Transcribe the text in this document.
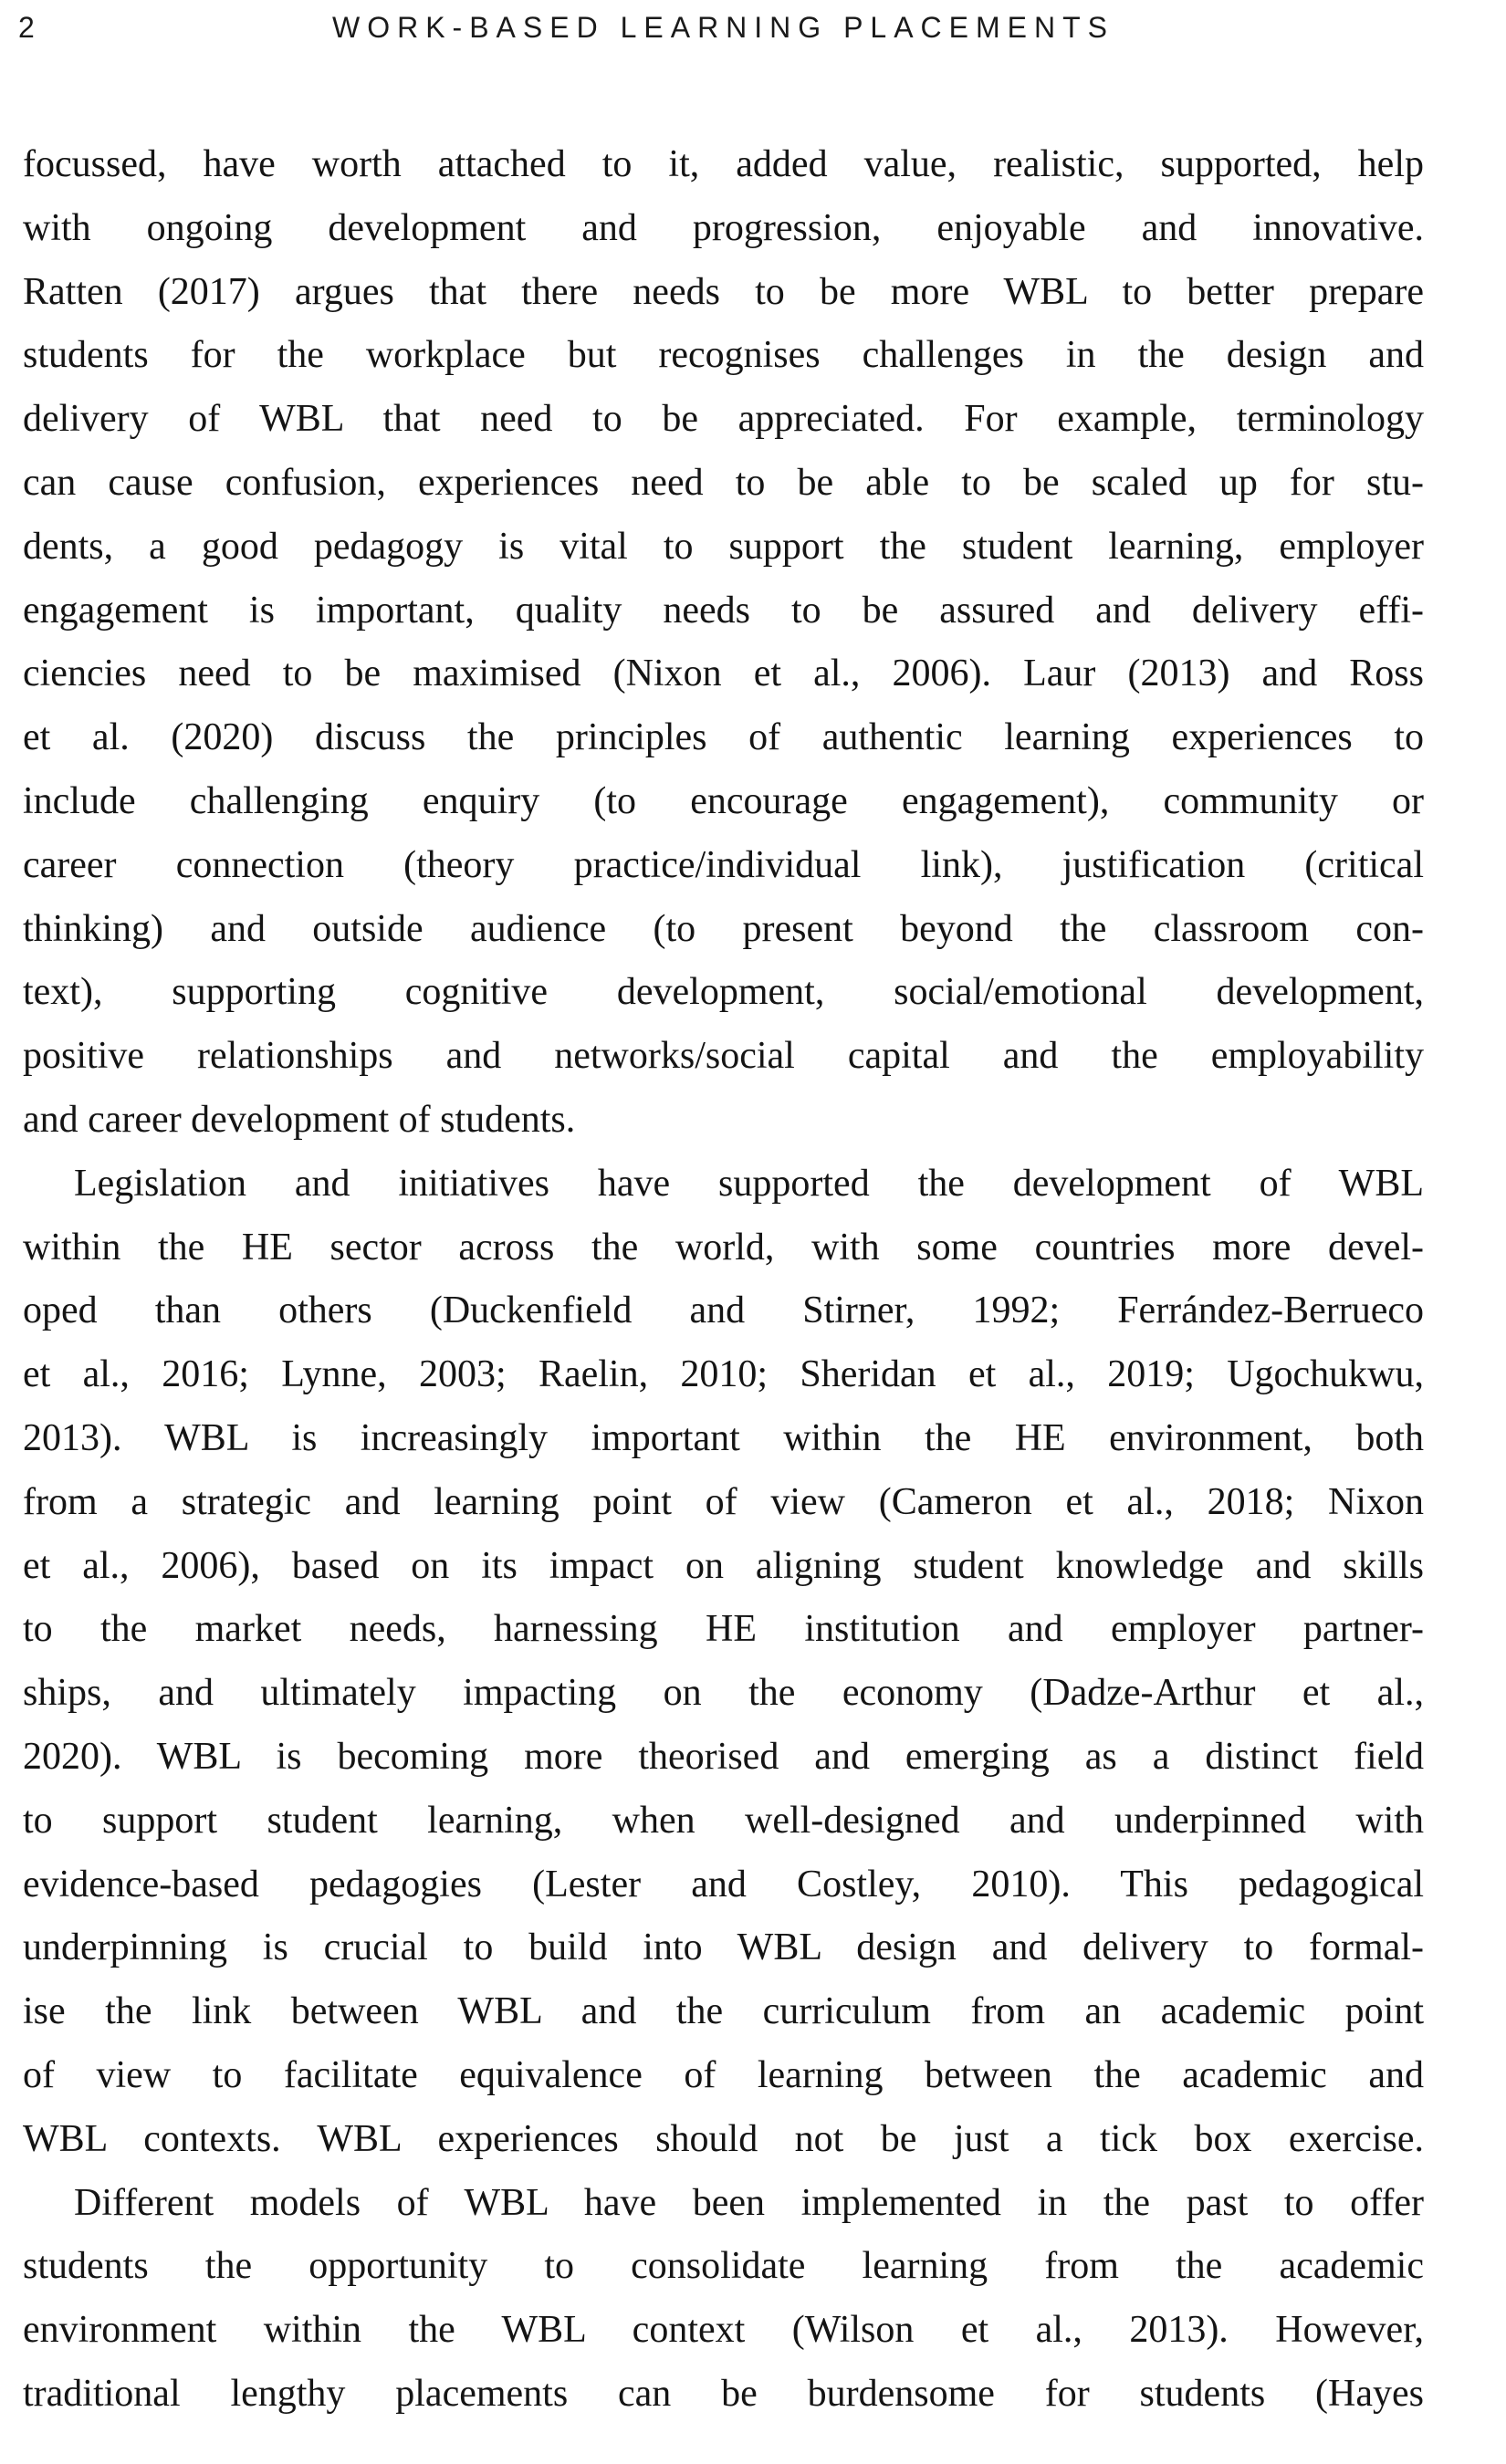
2	WORK-BASED LEARNING PLACEMENTS
focussed, have worth attached to it, added value, realistic, supported, help
with ongoing development and progression, enjoyable and innovative.
Ratten (2017) argues that there needs to be more WBL to better prepare
students for the workplace but recognises challenges in the design and
delivery of WBL that need to be appreciated. For example, terminology
can cause confusion, experiences need to be able to be scaled up for stu-
dents, a good pedagogy is vital to support the student learning, employer
engagement is important, quality needs to be assured and delivery effi-
ciencies need to be maximised (Nixon et al., 2006). Laur (2013) and Ross
et al. (2020) discuss the principles of authentic learning experiences to
include challenging enquiry (to encourage engagement), community or
career connection (theory practice/individual link), justification (critical
thinking) and outside audience (to present beyond the classroom con-
text), supporting cognitive development, social/emotional development,
positive relationships and networks/social capital and the employability
and career development of students.
Legislation and initiatives have supported the development of WBL
within the HE sector across the world, with some countries more devel-
oped than others (Duckenfield and Stirner, 1992; Ferrández-Berrueco
et al., 2016; Lynne, 2003; Raelin, 2010; Sheridan et al., 2019; Ugochukwu,
2013). WBL is increasingly important within the HE environment, both
from a strategic and learning point of view (Cameron et al., 2018; Nixon
et al., 2006), based on its impact on aligning student knowledge and skills
to the market needs, harnessing HE institution and employer partner-
ships, and ultimately impacting on the economy (Dadze-Arthur et al.,
2020). WBL is becoming more theorised and emerging as a distinct field
to support student learning, when well-designed and underpinned with
evidence-based pedagogies (Lester and Costley, 2010). This pedagogical
underpinning is crucial to build into WBL design and delivery to formal-
ise the link between WBL and the curriculum from an academic point
of view to facilitate equivalence of learning between the academic and
WBL contexts. WBL experiences should not be just a tick box exercise.
Different models of WBL have been implemented in the past to offer
students the opportunity to consolidate learning from the academic
environment within the WBL context (Wilson et al., 2013). However,
traditional lengthy placements can be burdensome for students (Hayes
